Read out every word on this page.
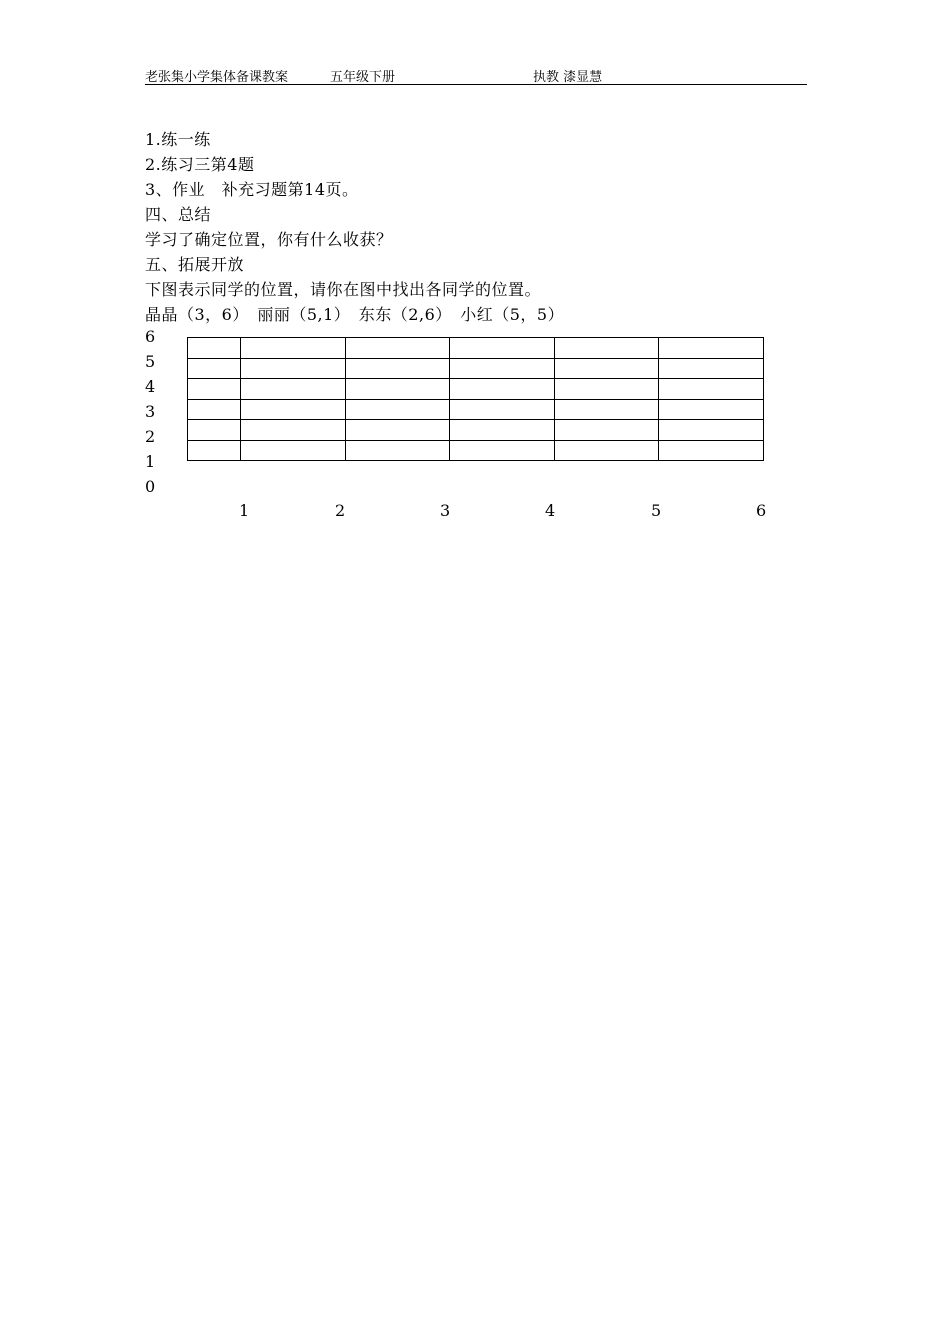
老张集小学集体备课教案	五年级下册	执教 漆显慧
1.练一练
2.练习三第4题
3、作业　补充习题第14页。
四、总结
学习了确定位置，你有什么收获？
五、拓展开放
下图表示同学的位置，请你在图中找出各同学的位置。
晶晶（3，6）　丽丽（5,1）　东东（2,6）　小红（5，5）
6
5
4
3
2
1
0

1	2	3	4	5	6
